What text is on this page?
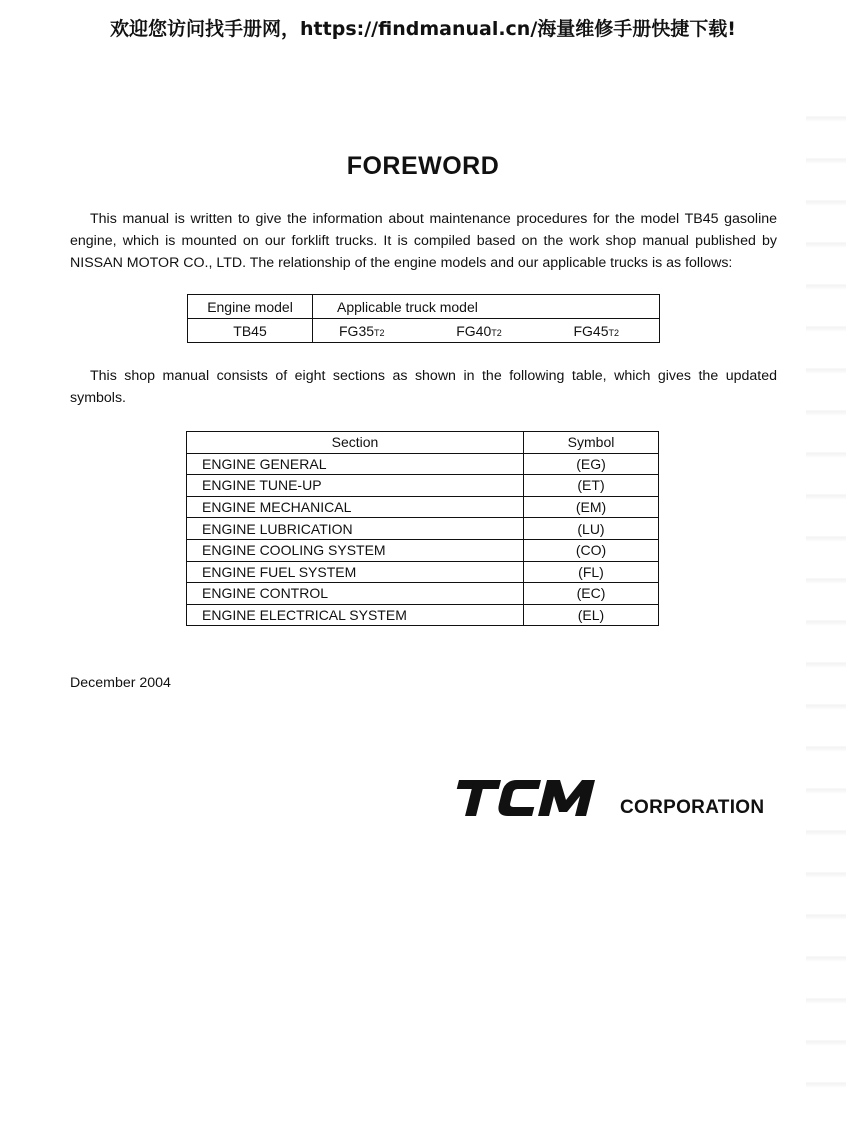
欢迎您访问找手册网，https://findmanual.cn/海量维修手册快捷下载!
FOREWORD

This manual is written to give the information about maintenance procedures for the model TB45 gasoline engine, which is mounted on our forklift trucks. It is compiled based on the work shop manual published by NISSAN MOTOR CO., LTD. The relationship of the engine models and our applicable trucks is as follows:

Engine model	Applicable truck model
TB45	FG35T2 FG40T2 FG45T2

This shop manual consists of eight sections as shown in the following table, which gives the updated symbols.

Section	Symbol
ENGINE GENERAL	(EG)
ENGINE TUNE-UP	(ET)
ENGINE MECHANICAL	(EM)
ENGINE LUBRICATION	(LU)
ENGINE COOLING SYSTEM	(CO)
ENGINE FUEL SYSTEM	(FL)
ENGINE CONTROL	(EC)
ENGINE ELECTRICAL SYSTEM	(EL)
December 2004
CORPORATION
